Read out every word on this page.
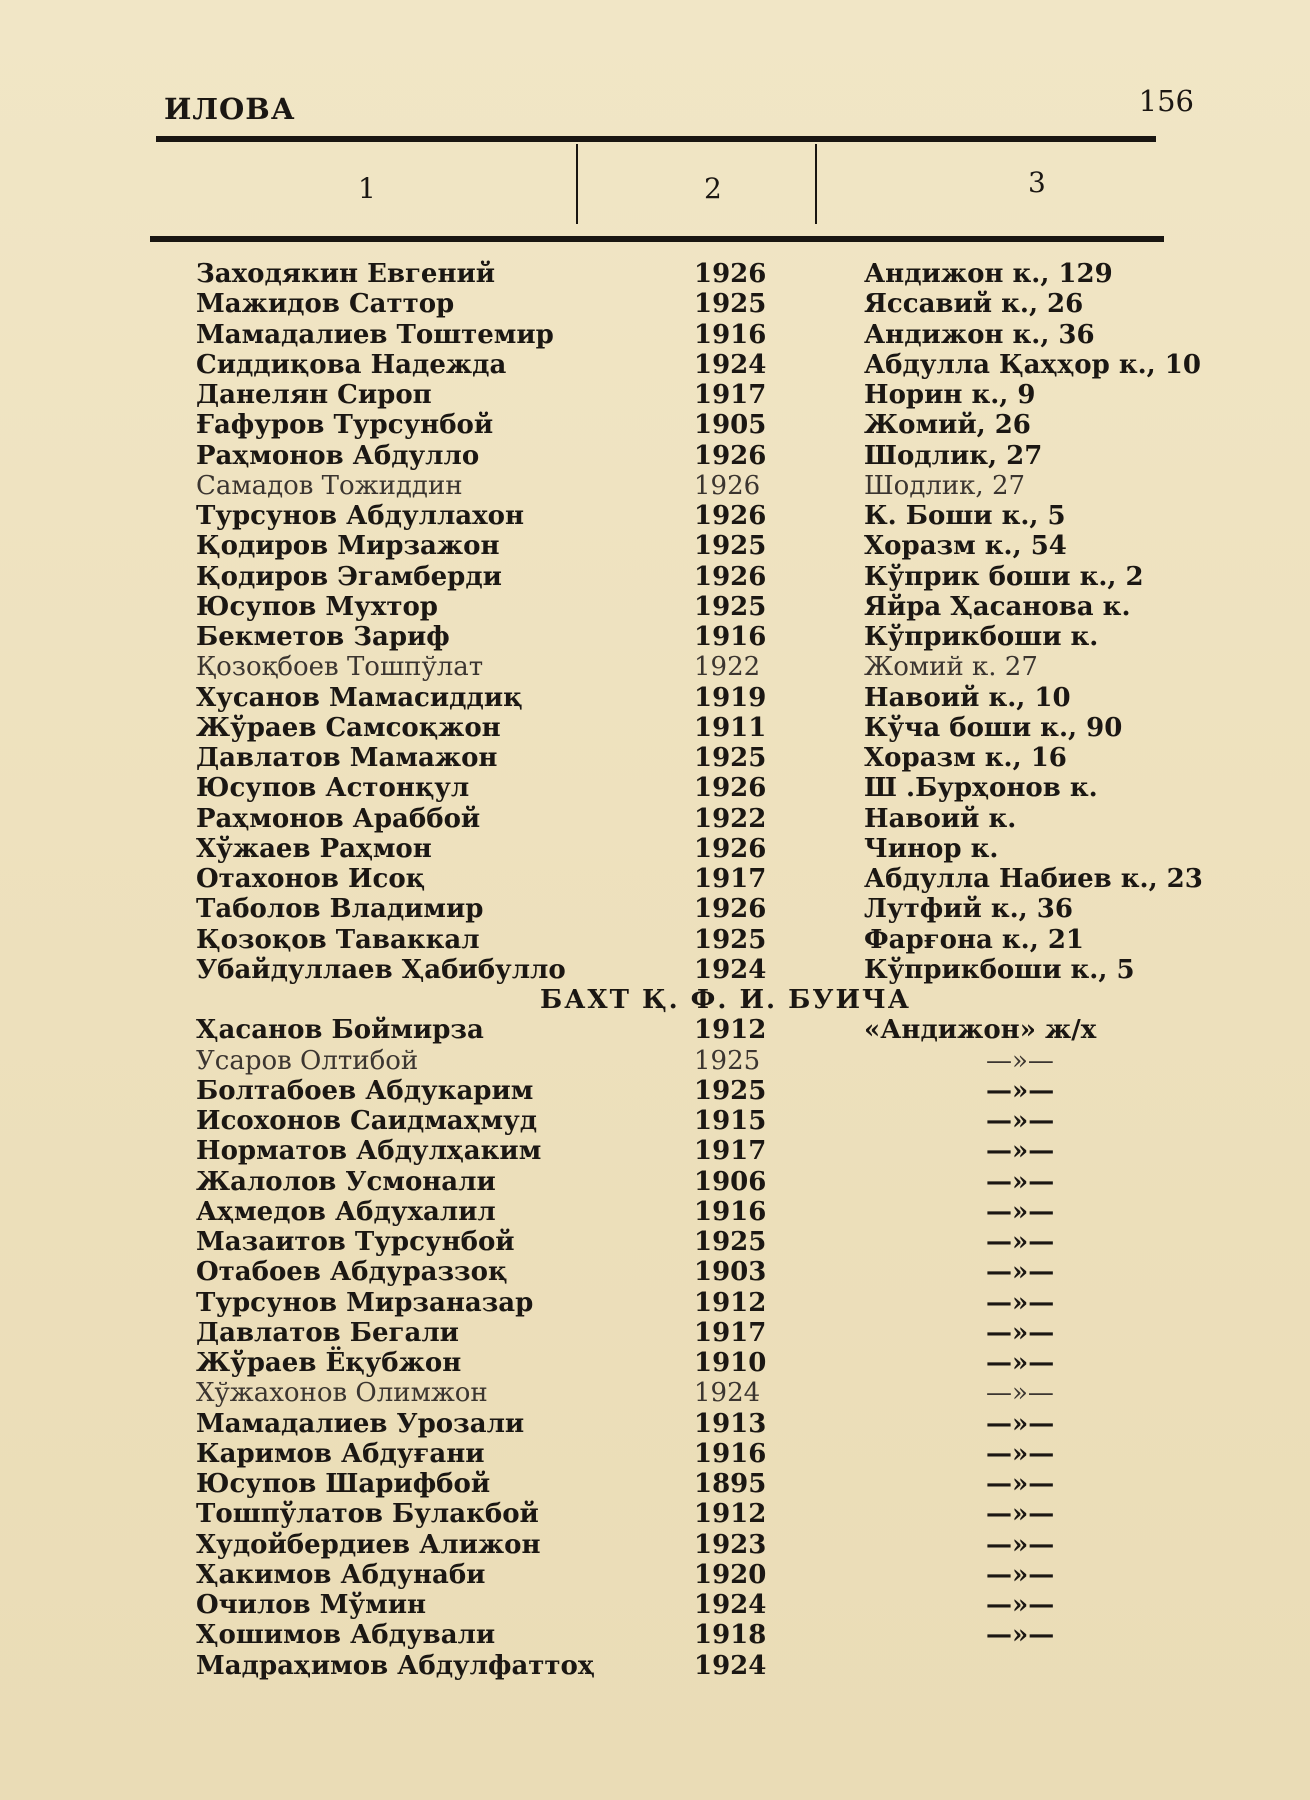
ИЛОВА	156
1	2	3
Заходякин Евгений	1926	Андижон к., 129
Мажидов Саттор	1925	Яссавий к., 26
Мамадалиев Тоштемир	1916	Андижон к., 36
Сиддиқова Надежда	1924	Абдулла Қаҳҳор к., 10
Данелян Сироп	1917	Норин к., 9
Ғафуров Турсунбой	1905	Жомий, 26
Раҳмонов Абдулло	1926	Шодлик, 27
Самадов Тожиддин	1926	Шодлик, 27
Турсунов Абдуллахон	1926	К. Боши к., 5
Қодиров Мирзажон	1925	Хоразм к., 54
Қодиров Эгамберди	1926	Кўприк боши к., 2
Юсупов Мухтор	1925	Яйра Ҳасанова к.
Бекметов Зариф	1916	Кўприкбоши к.
Қозоқбоев Тошпўлат	1922	Жомий к. 27
Хусанов Мамасиддиқ	1919	Навоий к., 10
Жўраев Самсоқжон	1911	Кўча боши к., 90
Давлатов Мамажон	1925	Хоразм к., 16
Юсупов Астонқул	1926	Ш .Бурҳонов к.
Раҳмонов Араббой	1922	Навоий к.
Хўжаев Раҳмон	1926	Чинор к.
Отахонов Исоқ	1917	Абдулла Набиев к., 23
Таболов Владимир	1926	Лутфий к., 36
Қозоқов Таваккал	1925	Фарғона к., 21
Убайдуллаев Ҳабибулло	1924	Кўприкбоши к., 5
БАХТ Қ. Ф. И. БУИЧА
Ҳасанов Боймирза	1912	«Андижон» ж/х
Усаров Олтибой	1925	—»—
Болтабоев Абдукарим	1925	—»—
Исохонов Саидмаҳмуд	1915	—»—
Норматов Абдулҳаким	1917	—»—
Жалолов Усмонали	1906	—»—
Аҳмедов Абдухалил	1916	—»—
Мазаитов Турсунбой	1925	—»—
Отабоев Абдураззоқ	1903	—»—
Турсунов Мирзаназар	1912	—»—
Давлатов Бегали	1917	—»—
Жўраев Ёқубжон	1910	—»—
Хўжахонов Олимжон	1924	—»—
Мамадалиев Урозали	1913	—»—
Каримов Абдуғани	1916	—»—
Юсупов Шарифбой	1895	—»—
Тошпўлатов Булакбой	1912	—»—
Худойбердиев Алижон	1923	—»—
Ҳакимов Абдунаби	1920	—»—
Очилов Мўмин	1924	—»—
Ҳошимов Абдували	1918	—»—
Мадраҳимов Абдулфаттоҳ	1924
